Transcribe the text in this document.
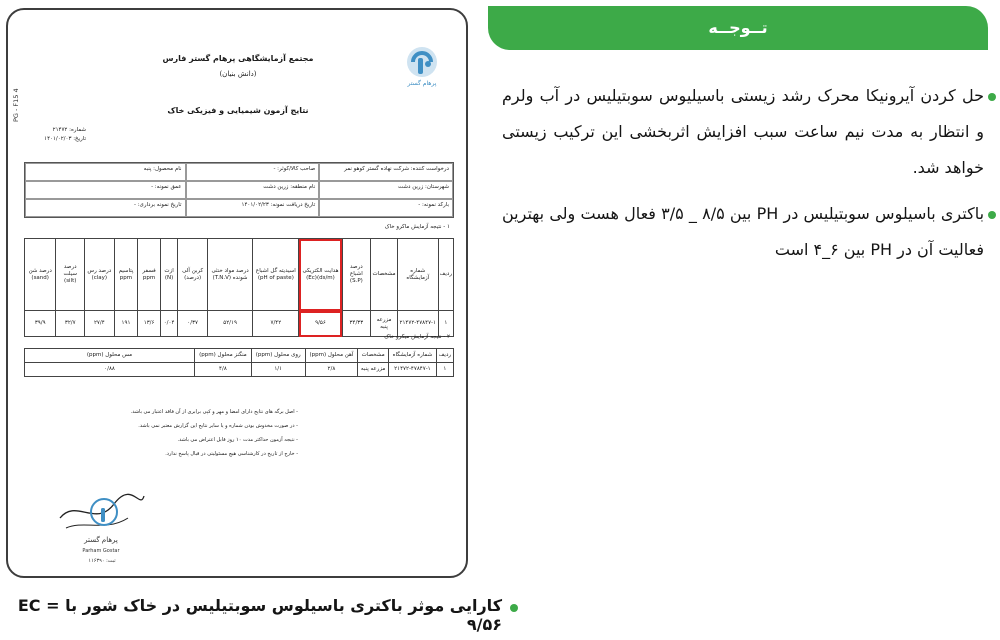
پرهام گستر
مجتمع آزمایشگاهی پرهام گستر فارس
(دانش بنیان)
نتایج آزمون شیمیایی و فیزیکی خاک
PG - F15 4
شماره: ۲۱۴۷۲
تاریخ: ۱۴۰۱/۰۲/۰۳
درخواست کننده: شرکت نهاده گستر کوهو نمر
صاحب کالا/کوثر: -
نام محصول: پنبه
شهرستان: زرین دشت
نام منطقه: زرین دشت
عمق نمونه: -
بارکد نمونه: -
تاریخ دریافت نمونه: ۱۴۰۱/۰۲/۲۳
تاریخ نمونه برداری: -
۱ - نتیجه آزمایش ماکرو خاک
ردیف	شماره آزمایشگاه	مشخصات	درصد اشباع (S.P)	هدایت الکتریکی (ds/m)(Ec)	اسیدیته گل اشباع (pH of paste)	درصد مواد خنثی شونده (T.N.V)	کربن آلی (درصد)	ازت (N)	فسفر ppm	پتاسیم ppm	درصد رس (clay)	درصد سیلت (silt)	درصد شن (sand)
۱	۲۱۴۷۲-۴۷۸۴۷-۱	مزرعه پنبه	۳۴/۳۳	۹/۵۶	۷/۴۲	۵۲/۱۹	۰/۳۷	۰/۰۴	۱۳/۶	۱۹۱	۲۷/۴	۳۲/۷	۳۹/۹
۲ - نتیجه آزمایش میکرو خاک
ردیف	شماره آزمایشگاه	مشخصات	آهن محلول (ppm)	روی محلول (ppm)	منگنز محلول (ppm)	مس محلول (ppm)
۱	۲۱۴۷۲-۴۷۸۴۷-۱	مزرعه پنبه	۲/۸	۱/۱	۴/۸	۰/۸۸
- اصل برگه های نتایج دارای امضا و مهر و کپی برابری از آن فاقد اعتبار می باشد.
- در صورت مخدوش بودن شماره و یا سایر نتایج این گزارش معتبر نمی باشد.
- نتیجه آزمون حداکثر مدت ۱۰ روز قابل اعتراض می باشد.
- خارج از تاریخ در کارشناسی هیچ مسئولیتی در قبال پاسخ ندارد.
پرهام گستر
Parham Gostar
ثبت: ۱۱۶۳۹۰
تــوجــه
حل کردن آیرونیکا محرک رشد زیستی باسیلیوس سوبتیلیس در آب ولرم و انتظار به مدت نیم ساعت سبب افزایش اثربخشی این ترکیب زیستی خواهد شد.
باکتری باسیلوس سوبتیلیس در PH بین ۸/۵ _ ۳/۵ فعال هست ولی بهترین فعالیت آن در PH بین ۶_۴ است
کارایی موثر باکتری باسیلوس سوبتیلیس در خاک شور با EC = ۹/۵۶
